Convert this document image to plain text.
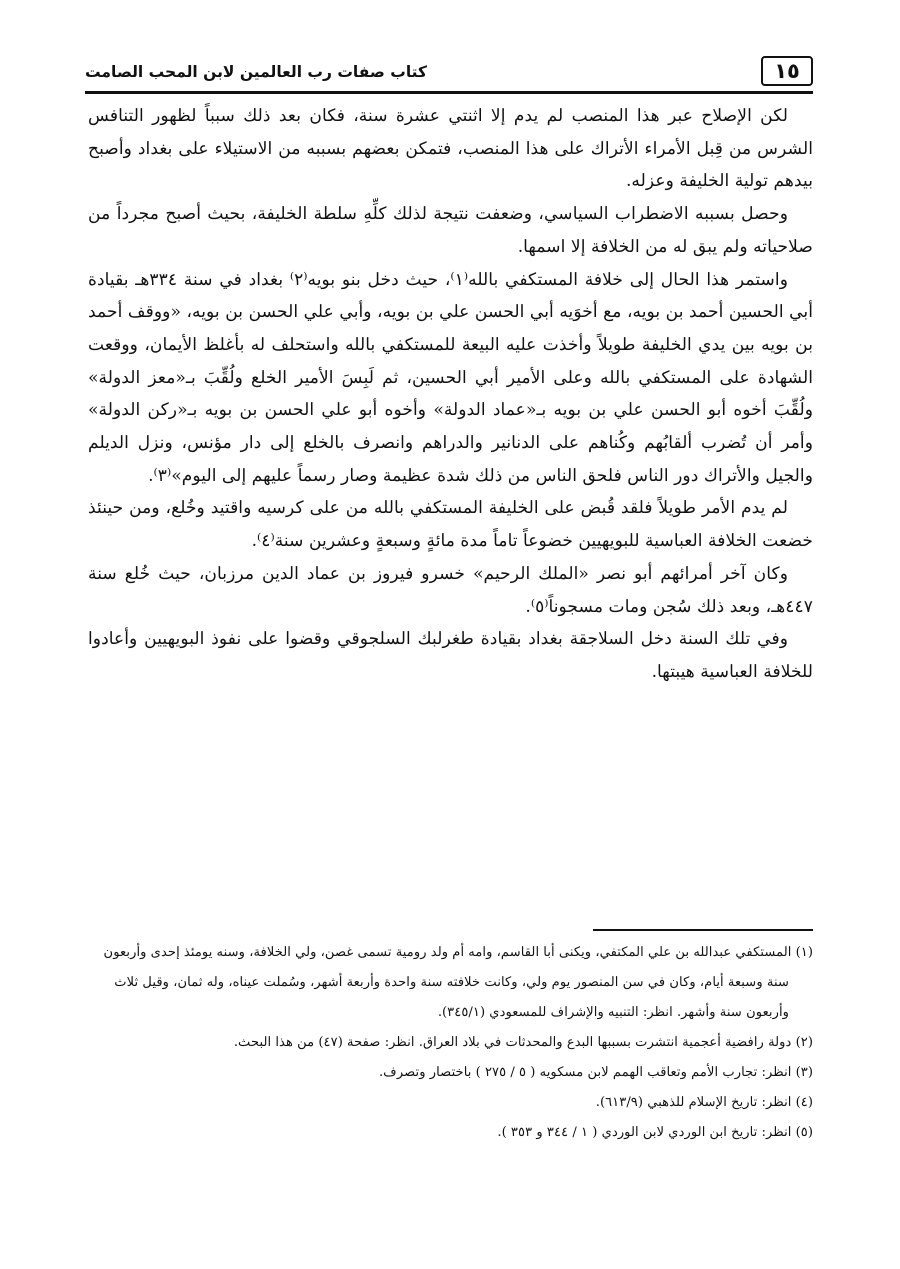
١٥
كتاب صفات رب العالمين لابن المحب الصامت

لكن الإصلاح عبر هذا المنصب لم يدم إلا اثنتي عشرة سنة، فكان بعد ذلك سبباً لظهور التنافس الشرس من قِبل الأمراء الأتراك على هذا المنصب، فتمكن بعضهم بسببه من الاستيلاء على بغداد وأصبح بيدهم تولية الخليفة وعزله.

وحصل بسببه الاضطراب السياسي، وضعفت نتيجة لذلك كلِّهِ سلطة الخليفة، بحيث أصبح مجرداً من صلاحياته ولم يبق له من الخلافة إلا اسمها.

واستمر هذا الحال إلى خلافة المستكفي بالله⁽١⁾، حيث دخل بنو بويه⁽٢⁾ بغداد في سنة ٣٣٤هـ بقيادة أبي الحسين أحمد بن بويه، مع أخوَيه أبي الحسن علي بن بويه، وأبي علي الحسن بن بويه، «ووقف أحمد بن بويه بين يدي الخليفة طويلاً وأخذت عليه البيعة للمستكفي بالله واستحلف له بأغلظ الأيمان، ووقعت الشهادة على المستكفي بالله وعلى الأمير أبي الحسين، ثم لَبِسَ الأمير الخلع ولُقِّبَ بـ«معز الدولة» ولُقِّبَ أخوه أبو الحسن علي بن بويه بـ«عماد الدولة» وأخوه أبو علي الحسن بن بويه بـ«ركن الدولة» وأمر أن تُضرب ألقابُهم وكُناهم على الدنانير والدراهم وانصرف بالخلع إلى دار مؤنس، ونزل الديلم والجيل والأتراك دور الناس فلحق الناس من ذلك شدة عظيمة وصار رسماً عليهم إلى اليوم»⁽٣⁾.

لم يدم الأمر طويلاً فلقد قُبض على الخليفة المستكفي بالله من على كرسيه واقتيد وخُلع، ومن حينئذ خضعت الخلافة العباسية للبويهيين خضوعاً تاماً مدة مائةٍ وسبعةٍ وعشرين سنة⁽٤⁾.

وكان آخر أمرائهم أبو نصر «الملك الرحيم» خسرو فيروز بن عماد الدين مرزبان، حيث خُلع سنة ٤٤٧هـ، وبعد ذلك سُجن ومات مسجوناً⁽٥⁾.

وفي تلك السنة دخل السلاجقة بغداد بقيادة طغرلبك السلجوقي وقضوا على نفوذ البويهيين وأعادوا للخلافة العباسية هيبتها.

(١) المستكفي عبدالله بن علي المكتفي، ويكنى أبا القاسم، وامه أم ولد رومية تسمى غصن، ولي الخلافة، وسنه يومئذ إحدى وأربعون

سنة وسبعة أيام، وكان في سن المنصور يوم ولي، وكانت خلافته سنة واحدة وأربعة أشهر، وسُملت عيناه، وله ثمان، وقيل ثلاث

وأربعون سنة وأشهر. انظر: التنبيه والإشراف للمسعودي (٣٤٥/١).

(٢) دولة رافضية أعجمية انتشرت بسببها البدع والمحدثات في بلاد العراق. انظر: صفحة (٤٧) من هذا البحث.

(٣) انظر: تجارب الأمم وتعاقب الهمم لابن مسكويه ( ٥ / ٢٧٥ ) باختصار وتصرف.

(٤) انظر: تاريخ الإسلام للذهبي (٦١٣/٩).

(٥) انظر: تاريخ ابن الوردي لابن الوردي ( ١ / ٣٤٤ و ٣٥٣ ).
